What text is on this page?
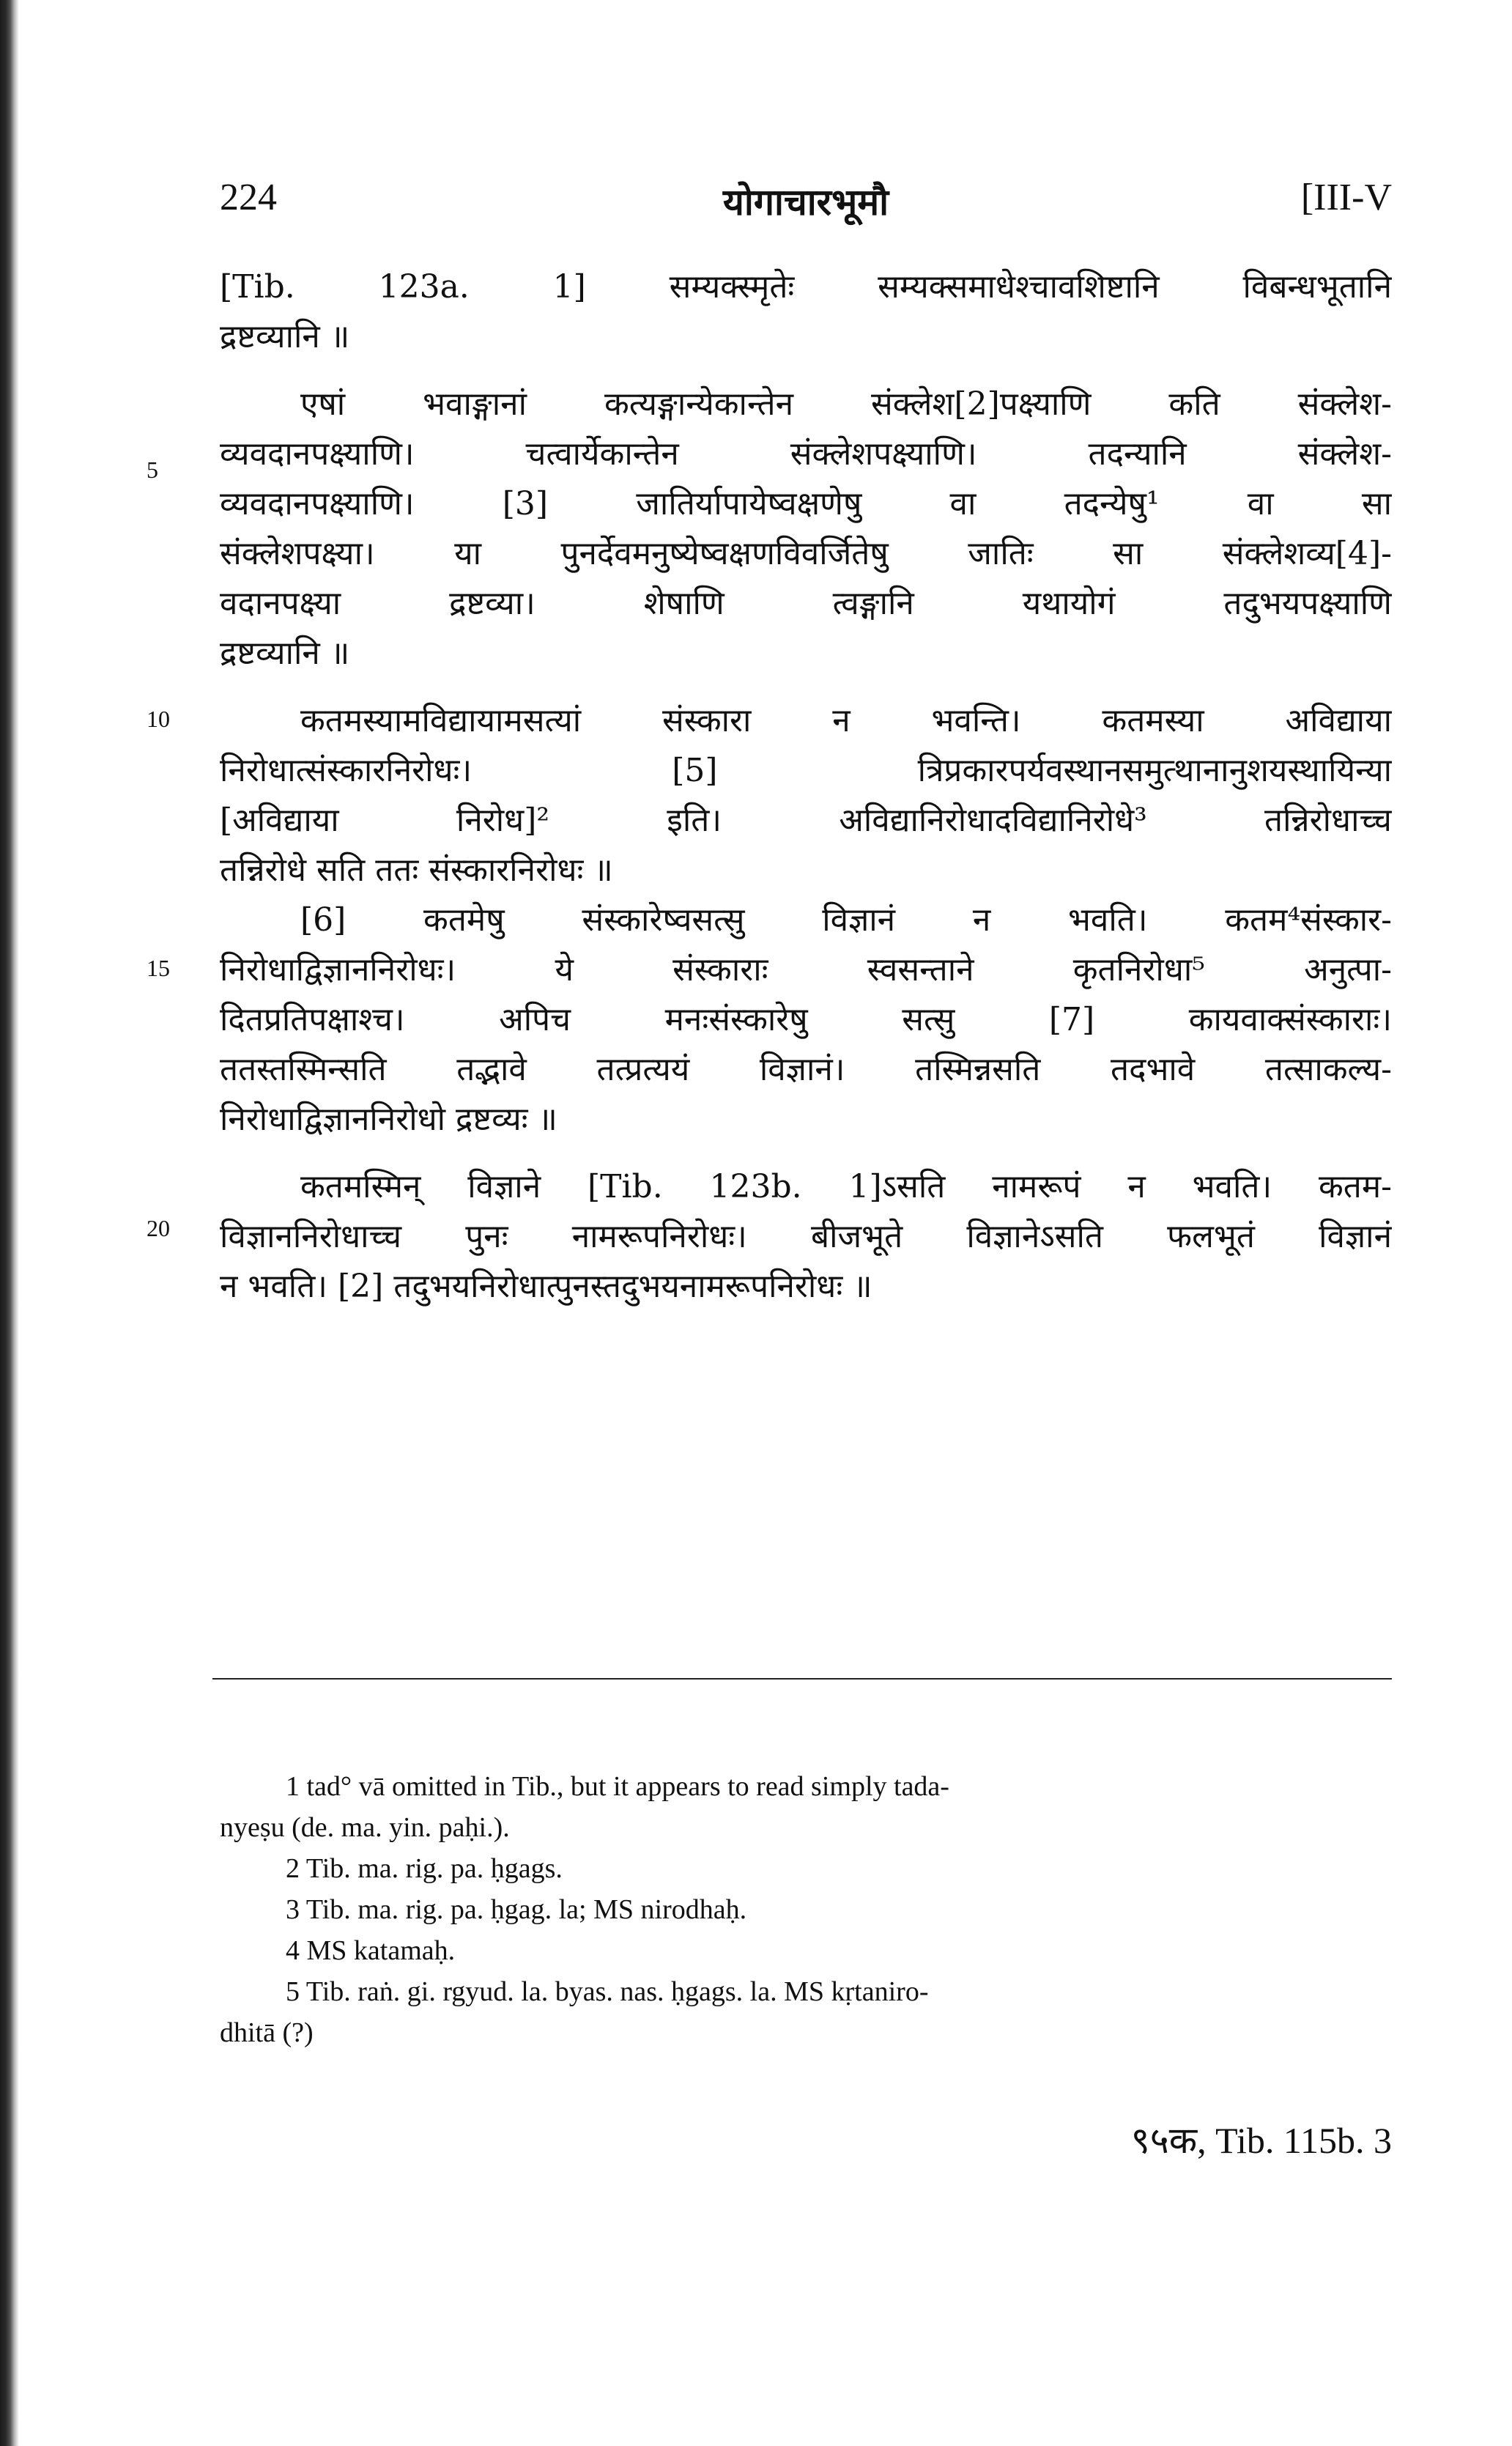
224	योगाचारभूमौ	[III-V
5
10
15
20
[Tib. 123a. 1] सम्यक्स्मृतेः सम्यक्समाधेश्चावशिष्टानि विबन्धभूतानि
द्रष्टव्यानि ॥
एषां भवाङ्गानां कत्यङ्गान्येकान्तेन संक्लेश[2]पक्ष्याणि कति संक्लेश-
व्यवदानपक्ष्याणि। चत्वार्येकान्तेन संक्लेशपक्ष्याणि। तदन्यानि संक्लेश-
व्यवदानपक्ष्याणि। [3] जातिर्यापायेष्वक्षणेषु वा तदन्येषु¹ वा सा
संक्लेशपक्ष्या। या पुनर्देवमनुष्येष्वक्षणविवर्जितेषु जातिः सा संक्लेशव्य[4]-
वदानपक्ष्या द्रष्टव्या। शेषाणि त्वङ्गानि यथायोगं तदुभयपक्ष्याणि
द्रष्टव्यानि ॥
कतमस्यामविद्यायामसत्यां संस्कारा न भवन्ति। कतमस्या अविद्याया
निरोधात्संस्कारनिरोधः। [5] त्रिप्रकारपर्यवस्थानसमुत्थानानुशयस्थायिन्या
[अविद्याया निरोध]² इति। अविद्यानिरोधादविद्यानिरोधे³ तन्निरोधाच्च
तन्निरोधे सति ततः संस्कारनिरोधः ॥
[6] कतमेषु संस्कारेष्वसत्सु विज्ञानं न भवति। कतम⁴संस्कार-
निरोधाद्विज्ञाननिरोधः। ये संस्काराः स्वसन्ताने कृतनिरोधा⁵ अनुत्पा-
दितप्रतिपक्षाश्च। अपिच मनःसंस्कारेषु सत्सु [7] कायवाक्संस्काराः।
ततस्तस्मिन्सति तद्भावे तत्प्रत्ययं विज्ञानं। तस्मिन्नसति तदभावे तत्साकल्य-
निरोधाद्विज्ञाननिरोधो द्रष्टव्यः ॥
कतमस्मिन् विज्ञाने [Tib. 123b. 1]ऽसति नामरूपं न भवति। कतम-
विज्ञाननिरोधाच्च पुनः नामरूपनिरोधः। बीजभूते विज्ञानेऽसति फलभूतं विज्ञानं
न भवति। [2] तदुभयनिरोधात्पुनस्तदुभयनामरूपनिरोधः ॥
1 tad° vā omitted in Tib., but it appears to read simply tada-
nyeṣu (de. ma. yin. paḥi.).
2 Tib. ma. rig. pa. ḥgags.
3 Tib. ma. rig. pa. ḥgag. la; MS nirodhaḥ.
4 MS katamaḥ.
5 Tib. raṅ. gi. rgyud. la. byas. nas. ḥgags. la. MS kṛtaniro-
dhitā (?)
९५क, Tib. 115b. 3
